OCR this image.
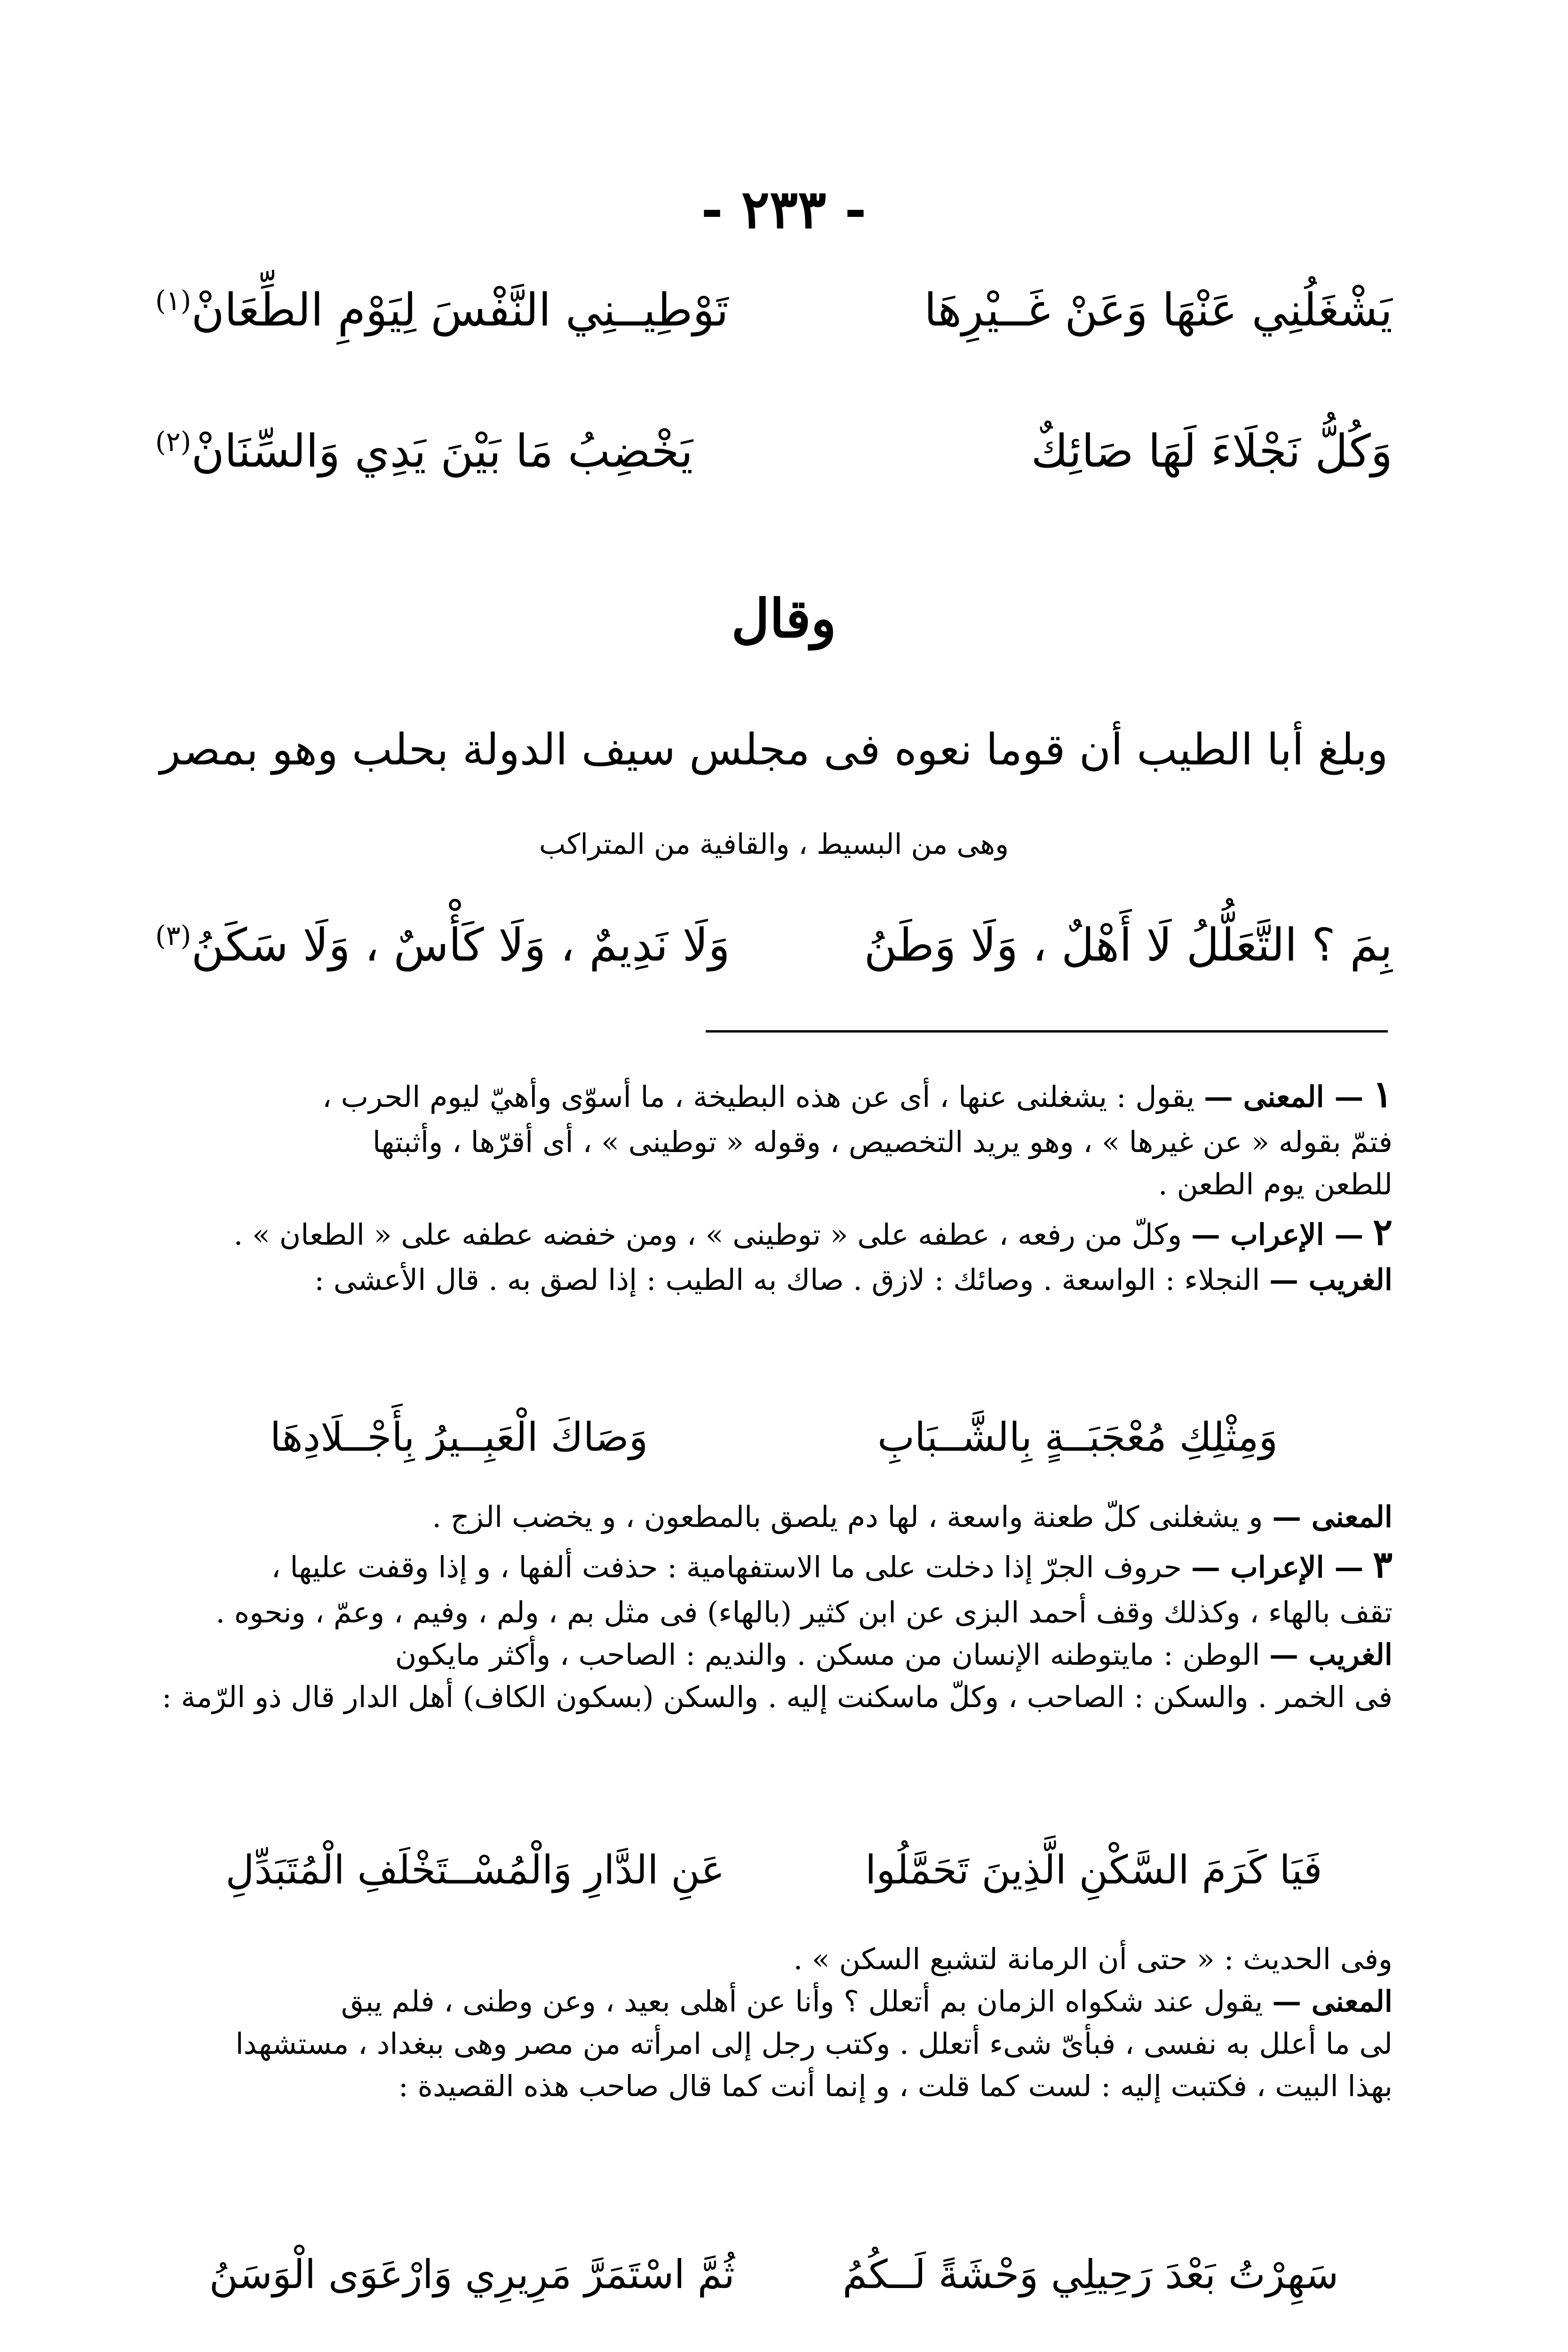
- ٢٣٣ -
يَشْغَلُنِي عَنْهَا وَعَنْ غَــيْرِهَا
تَوْطِيــنِي النَّفْسَ لِيَوْمِ الطِّعَانْ$^{(١)}$
وَكُلُّ نَجْلَاءَ لَهَا صَائِكٌ
يَخْضِبُ مَا بَيْنَ يَدِي وَالسِّنَانْ$^{(٢)}$
وقال
وبلغ أبا الطيب أن قوما نعوه فى مجلس سيف الدولة بحلب وهو بمصر
وهى من البسيط ، والقافية من المتراكب
بِمَ ؟ التَّعَلُّلُ لَا أَهْلٌ ، وَلَا وَطَنُ
وَلَا نَدِيمٌ ، وَلَا كَأْسٌ ، وَلَا سَكَنُ$^{(٣)}$
١ — المعنى — يقول : يشغلنى عنها ، أى عن هذه البطيخة ، ما أسوّى وأهيّ ليوم الحرب ،
فتمّ بقوله « عن غيرها » ، وهو يريد التخصيص ، وقوله « توطينى » ، أى أقرّها ، وأثبتها
للطعن يوم الطعن .
٢ — الإعراب — وكلّ من رفعه ، عطفه على « توطينى » ، ومن خفضه عطفه على « الطعان » .
الغريب — النجلاء : الواسعة . وصائك : لازق . صاك به الطيب : إذا لصق به . قال الأعشى :
وَمِثْلِكِ مُعْجَبَــةٍ بِالشَّــبَابِ
وَصَاكَ الْعَبِــيرُ بِأَجْــلَادِهَا
المعنى — و يشغلنى كلّ طعنة واسعة ، لها دم يلصق بالمطعون ، و يخضب الزج .
٣ — الإعراب — حروف الجرّ إذا دخلت على ما الاستفهامية : حذفت ألفها ، و إذا وقفت عليها ،
تقف بالهاء ، وكذلك وقف أحمد البزى عن ابن كثير (بالهاء) فى مثل بم ، ولم ، وفيم ، وعمّ ، ونحوه .
الغريب — الوطن : مايتوطنه الإنسان من مسكن . والنديم : الصاحب ، وأكثر مايكون
فى الخمر . والسكن : الصاحب ، وكلّ ماسكنت إليه . والسكن (بسكون الكاف) أهل الدار قال ذو الرّمة :
فَيَا كَرَمَ السَّكْنِ الَّذِينَ تَحَمَّلُوا
عَنِ الدَّارِ وَالْمُسْــتَخْلَفِ الْمُتَبَدِّلِ
وفى الحديث : « حتى أن الرمانة لتشبع السكن » .
المعنى — يقول عند شكواه الزمان بم أتعلل ؟ وأنا عن أهلى بعيد ، وعن وطنى ، فلم يبق
لى ما أعلل به نفسى ، فبأىّ شىء أتعلل . وكتب رجل إلى امرأته من مصر وهى ببغداد ، مستشهدا
بهذا البيت ، فكتبت إليه : لست كما قلت ، و إنما أنت كما قال صاحب هذه القصيدة :
سَهِرْتُ بَعْدَ رَحِيلِي وَحْشَةً لَــكُمُ
ثُمَّ اسْتَمَرَّ مَرِيرِي وَارْعَوَى الْوَسَنُ
